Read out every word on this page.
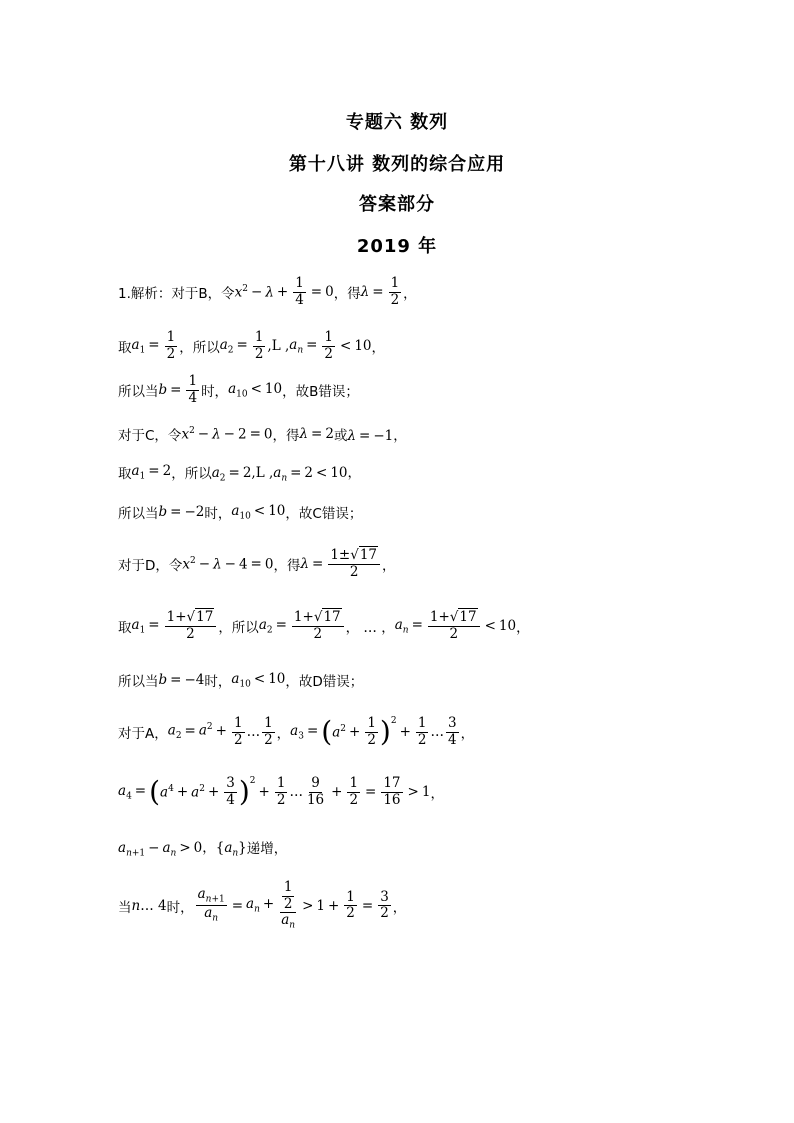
专题六 数列
第十八讲 数列的综合应用
答案部分
2019 年
1.解析：对于B，令 $x^2 - \lambda + \frac{1}{4} = 0$ ，得 $\lambda = \frac{1}{2}$ ，
取 $a_1 = \frac{1}{2}$ ，所以 $a_2 = \frac{1}{2} ,L$ , $a_n = \frac{1}{2} < 10$ ，
所以当 $b = \frac{1}{4}$ 时， $a_{10} < 10$ ，故B错误；
对于C，令 $x^2 - \lambda - 2 = 0$ ，得 λ = 2 或 λ = −1，
取 $a_1 = 2$ ，所以 $a_2 = 2,L$ $,a_n = 2 < 10$，
所以当 b = −2 时， $a_{10} < 10$ ，故C错误；
对于D，令 $x^2 - \lambda - 4 = 0$ ，得 $\lambda = \frac{1\pm√17}{2}$ ，
取 $a_1 = \frac{1+√17}{2}$ ，所以 $a_2 = \frac{1+√17}{2}$ ， … ， $a_n = \frac{1+√17}{2} < 10$ ，
所以当 b = −4 时， $a_{10} < 10$ ，故D错误；
对于A， $a_2 = a^2 + \frac{1}{2}$ …
1
2 ， $a_3$ = ( $a^2 + \frac{1}{2} )^2$
+ $\frac{1}{2}$ …
3
4 ，
$a_4$ = ( $a^4 + a^2 + \frac{3}{4} )^2$
+ $\frac{1}{2}$ …
9
$16 + \frac{1}{2} = \frac{17}{16} > 1$ ，
$a_{n+1} - a_n > 0$，$\{a_n\}$ 递增，
当 n… 4 时， $\frac{a_{n+1}}{a_n} = a_n + \frac{\frac{1}{2}}{a_n} > 1 + \frac{1}{2} = \frac{3}{2}$ ，
